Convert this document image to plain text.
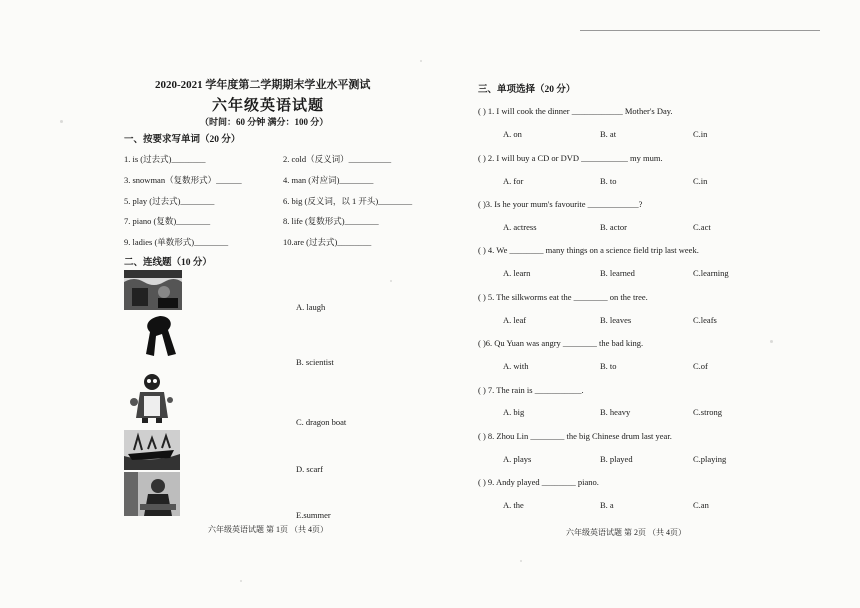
2020-2021 学年度第二学期期末学业水平测试
六年级英语试题
（时间：60 分钟 满分：100 分）
一、按要求写单词（20 分）
1. is (过去式)________	2. cold（反义词）__________
3. snowman（复数形式）______	4. man (对应词)________
5. play (过去式)________	6. big (反义词，以 1 开头)________
7. piano (复数)________	8. life (复数形式)________
9. ladies (单数形式)________	10.are (过去式)________
二、连线题（10 分）
A. laugh
B. scientist
C. dragon boat
D. scarf
E.summer
六年级英语试题 第 1页 （共 4页）
三、单项选择（20 分）
( ) 1. I will cook the dinner ____________ Mother's Day.
A. on	B. at	C.in
( ) 2. I will buy a CD or DVD ___________ my mum.
A. for	B. to	C.in
( )3. Is he your mum's favourite ____________?
A. actress	B. actor	C.act
( ) 4. We ________ many things on a science field trip last week.
A. learn	B. learned	C.learning
( ) 5. The silkworms eat the ________ on the tree.
A. leaf	B. leaves	C.leafs
( )6. Qu Yuan was angry ________ the bad king.
A. with	B. to	C.of
( ) 7. The rain is ___________.
A. big	B. heavy	C.strong
( ) 8. Zhou Lin ________ the big Chinese drum last year.
A. plays	B. played	C.playing
( ) 9. Andy played ________ piano.
A. the	B. a	C.an
六年级英语试题 第 2页 （共 4页）
